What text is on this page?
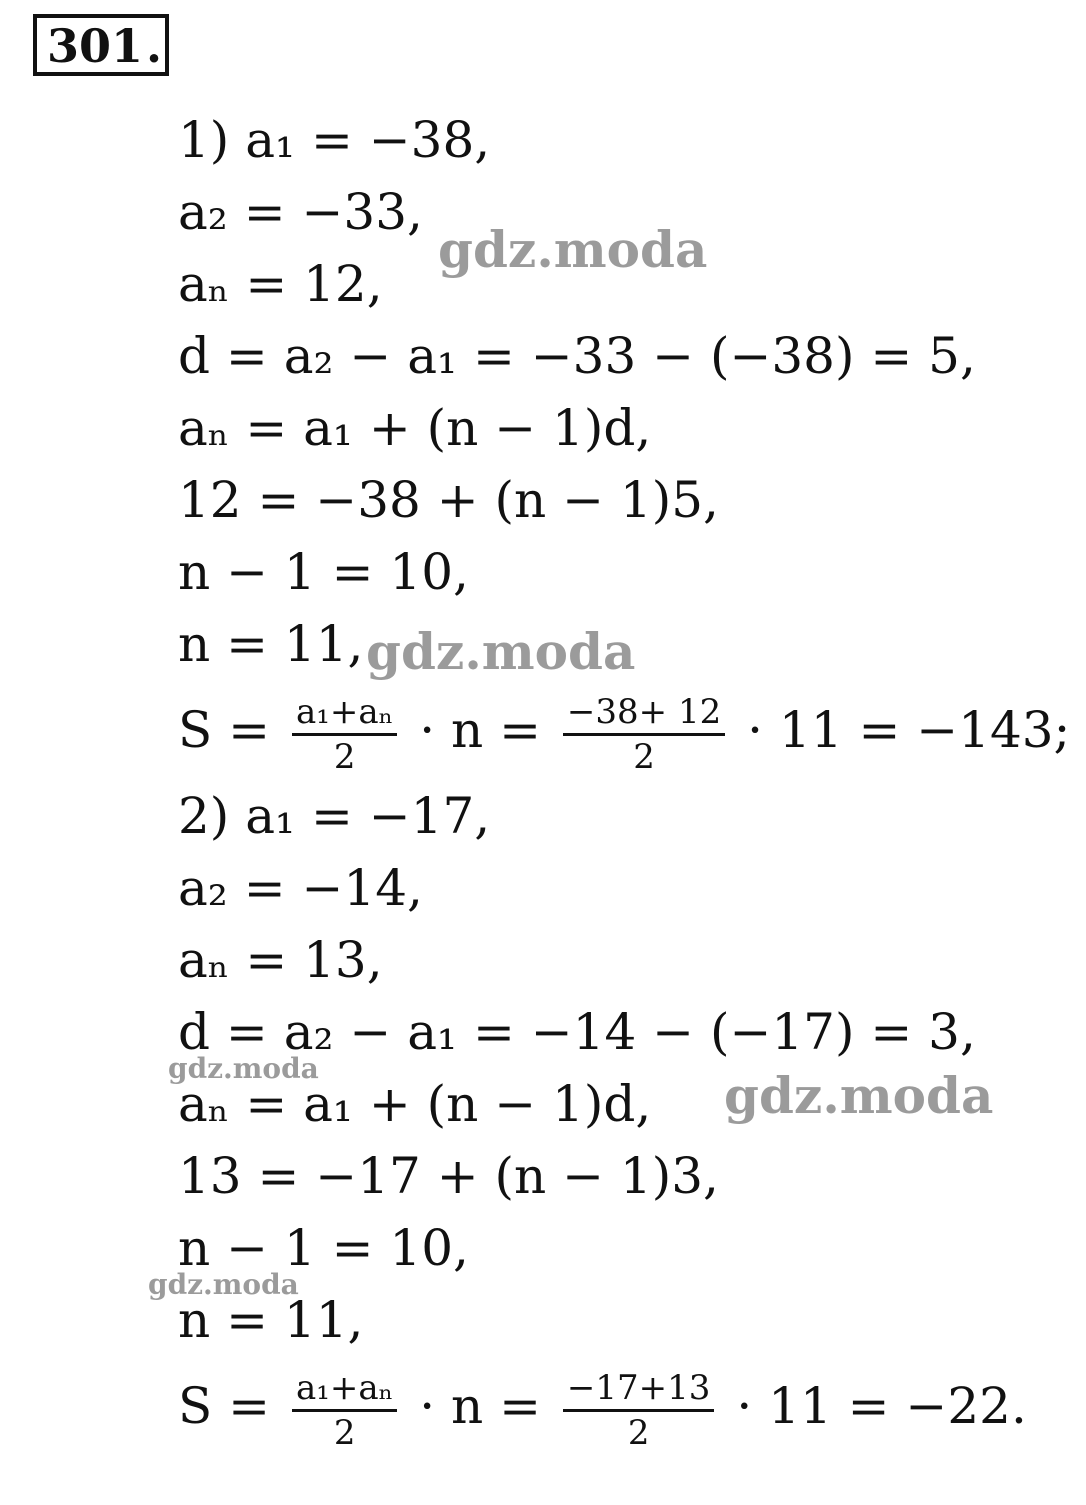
301 .
1) a₁ = −38,
a₂ = −33,
aₙ = 12,
d = a₂ − a₁ = −33 − (−38) = 5,
aₙ = a₁ + (n − 1)d,
12 = −38 + (n − 1)5,
n − 1 = 10,
n = 11,
$S = \frac{\text{a₁+aₙ}}{2} \cdot n = \frac{-38+ 12}{2} \cdot 11 = -143$;
2) a₁ = −17,
a₂ = −14,
aₙ = 13,
d = a₂ − a₁ = −14 − (−17) = 3,
aₙ = a₁ + (n − 1)d,
13 = −17 + (n − 1)3,
n − 1 = 10,
n = 11,
$S = \frac{\text{a₁+aₙ}}{2} \cdot n = \frac{-17+13}{2} \cdot 11 = -22$.
gdz.moda
gdz.moda
gdz.moda	gdz.moda
gdz.moda
